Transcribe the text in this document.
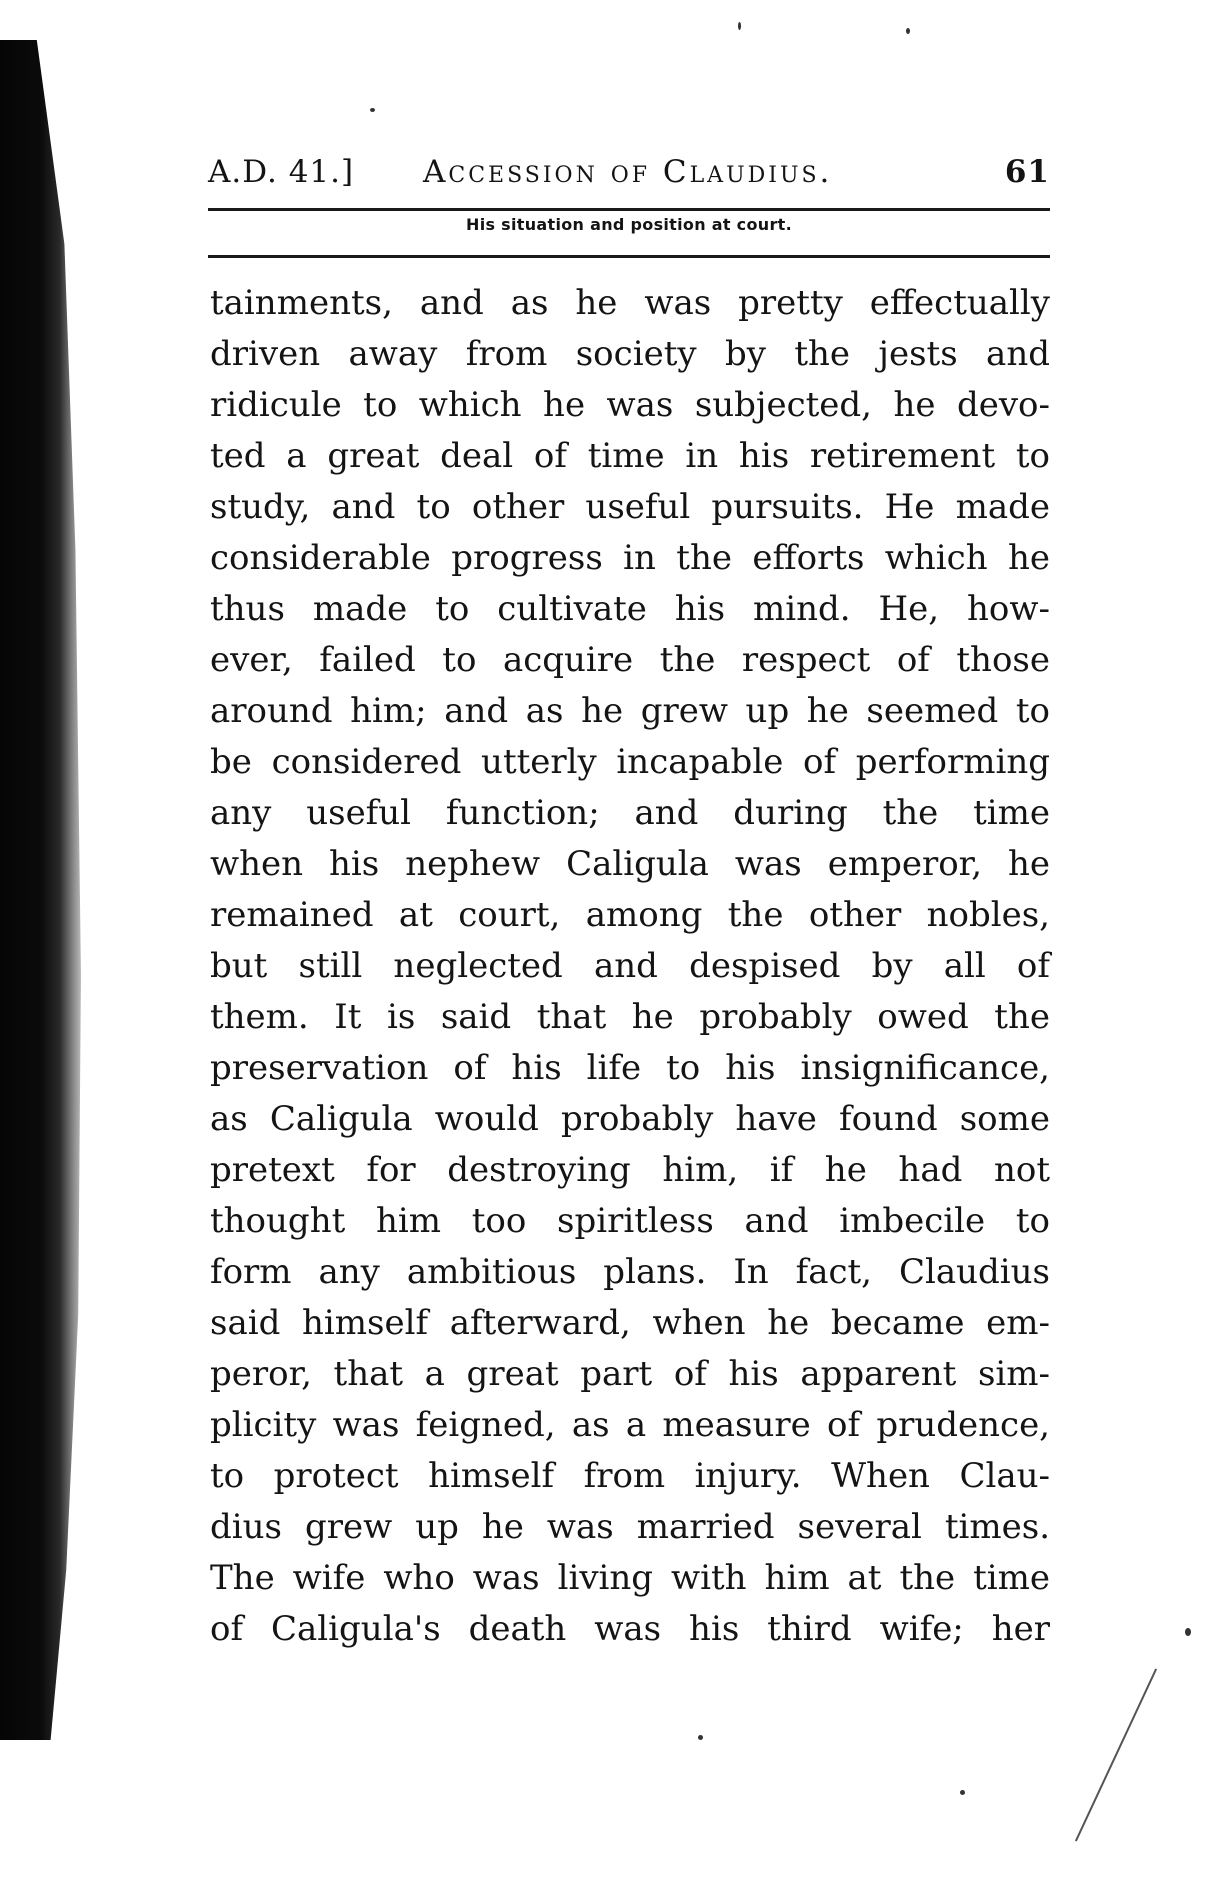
A.D. 41.] Accession of Claudius.	61
His situation and position at court.
tainments, and as he was pretty effectually
driven away from society by the jests and
ridicule to which he was subjected, he devo-
ted a great deal of time in his retirement to
study, and to other useful pursuits. He made
considerable progress in the efforts which he
thus made to cultivate his mind. He, how-
ever, failed to acquire the respect of those
around him; and as he grew up he seemed to
be considered utterly incapable of performing
any useful function; and during the time
when his nephew Caligula was emperor, he
remained at court, among the other nobles,
but still neglected and despised by all of
them. It is said that he probably owed the
preservation of his life to his insignificance,
as Caligula would probably have found some
pretext for destroying him, if he had not
thought him too spiritless and imbecile to
form any ambitious plans. In fact, Claudius
said himself afterward, when he became em-
peror, that a great part of his apparent sim-
plicity was feigned, as a measure of prudence,
to protect himself from injury. When Clau-
dius grew up he was married several times.
The wife who was living with him at the time
of Caligula's death was his third wife; her
